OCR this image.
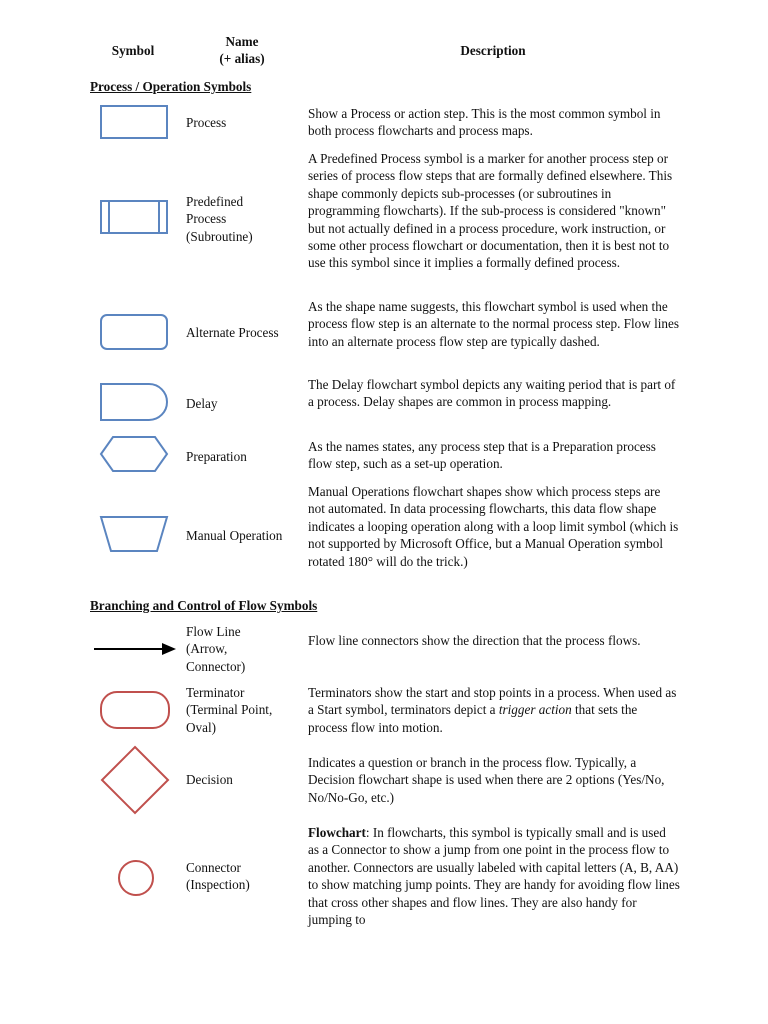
Symbol
Name
(+ alias)
Description
Process / Operation Symbols
Process
Show a Process or action step. This is the most common symbol in both process flowcharts and process maps.
Predefined
Process
(Subroutine)
A Predefined Process symbol is a marker for another process step or series of process flow steps that are formally defined elsewhere. This shape commonly depicts sub-processes (or subroutines in programming flowcharts). If the sub-process is considered "known" but not actually defined in a process procedure, work instruction, or some other process flowchart or documentation, then it is best not to use this symbol since it implies a formally defined process.
Alternate Process
As the shape name suggests, this flowchart symbol is used when the process flow step is an alternate to the normal process step. Flow lines into an alternate process flow step are typically dashed.
Delay
The Delay flowchart symbol depicts any waiting period that is part of a process. Delay shapes are common in process mapping.
Preparation
As the names states, any process step that is a Preparation process flow step, such as a set-up operation.
Manual Operation
Manual Operations flowchart shapes show which process steps are not automated. In data processing flowcharts, this data flow shape indicates a looping operation along with a loop limit symbol (which is not supported by Microsoft Office, but a Manual Operation symbol rotated 180° will do the trick.)
Branching and Control of Flow Symbols
Flow Line
(Arrow,
Connector)
Flow line connectors show the direction that the process flows.
Terminator
(Terminal Point,
Oval)
Terminators show the start and stop points in a process. When used as a Start symbol, terminators depict a trigger action that sets the process flow into motion.
Decision
Indicates a question or branch in the process flow. Typically, a Decision flowchart shape is used when there are 2 options (Yes/No, No/No-Go, etc.)
Connector
(Inspection)
Flowchart: In flowcharts, this symbol is typically small and is used as a Connector to show a jump from one point in the process flow to another. Connectors are usually labeled with capital letters (A, B, AA) to show matching jump points. They are handy for avoiding flow lines that cross other shapes and flow lines. They are also handy for jumping to
